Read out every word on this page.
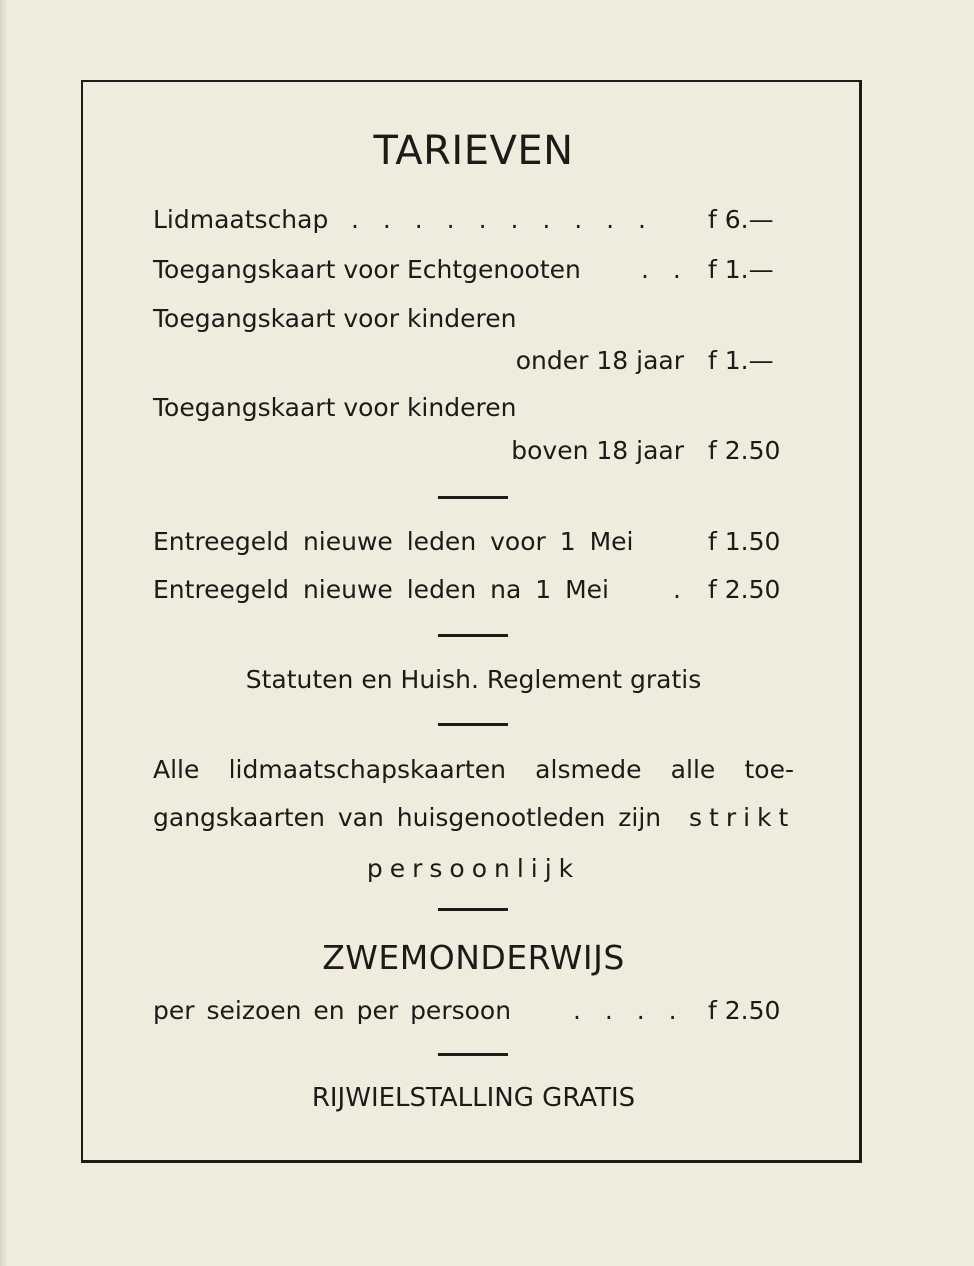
TARIEVEN
Lidmaatschap . . . . . . . . . . f 6.—
Toegangskaart voor Echtgenooten . . f 1.—
Toegangskaart voor kinderen
onder 18 jaar f 1.—
Toegangskaart voor kinderen
boven 18 jaar f 2.50
Entreegeld nieuwe leden voor 1 Mei	f 1.50
Entreegeld nieuwe leden na 1 Mei	. f 2.50
Statuten en Huish. Reglement gratis
Alle lidmaatschapskaarten alsmede alle toe-
gangskaarten van huisgenootleden zijn strikt
persoonlijk
ZWEMONDERWIJS
per seizoen en per persoon . . . . f 2.50
RIJWIELSTALLING GRATIS
